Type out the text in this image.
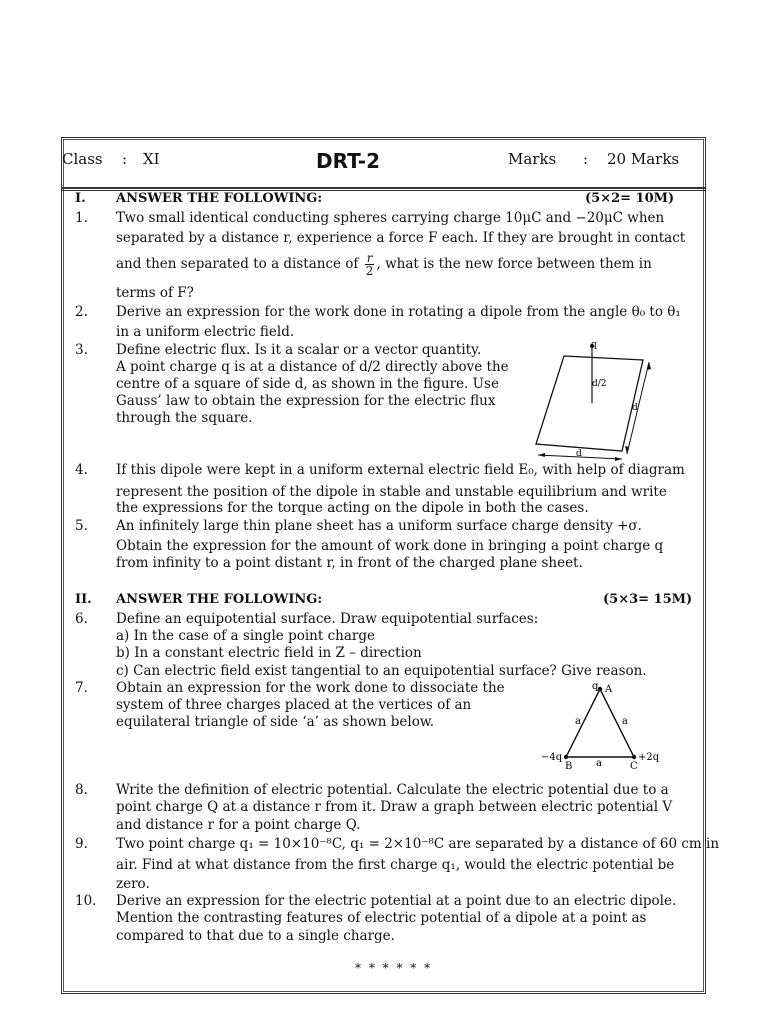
Class : XI	DRT-2	Marks : 20 Marks
I. ANSWER THE FOLLOWING:	(5×2= 10M)
1. Two small identical conducting spheres carrying charge 10μC and −20μC when
separated by a distance r, experience a force F each. If they are brought in contact
and then separated to a distance of $\frac{r}{2}$ , what is the new force between them in
terms of F?
2. Derive an expression for the work done in rotating a dipole from the angle θ₀ to θ₁
in a uniform electric field.
3. Define electric flux. Is it a scalar or a vector quantity.
A point charge q is at a distance of d/2 directly above the
centre of a square of side d, as shown in the figure. Use
Gauss’ law to obtain the expression for the electric flux
through the square.
q
d/2
d
d
4. If this dipole were kept in a uniform external electric field E₀, with help of diagram
represent the position of the dipole in stable and unstable equilibrium and write
the expressions for the torque acting on the dipole in both the cases.
5. An infinitely large thin plane sheet has a uniform surface charge density +σ.
Obtain the expression for the amount of work done in bringing a point charge q
from infinity to a point distant r, in front of the charged plane sheet.
II. ANSWER THE FOLLOWING:	(5×3= 15M)
6. Define an equipotential surface. Draw equipotential surfaces:
a) In the case of a single point charge
b) In a constant electric field in Z – direction
c) Can electric field exist tangential to an equipotential surface? Give reason.
7. Obtain an expression for the work done to dissociate the
system of three charges placed at the vertices of an
equilateral triangle of side ‘a’ as shown below.
q A
a	a
a
−4q
B
+2q
C
8. Write the definition of electric potential. Calculate the electric potential due to a
point charge Q at a distance r from it. Draw a graph between electric potential V
and distance r for a point charge Q.
9. Two point charge q₁ = 10×10⁻⁸C, q₁ = 2×10⁻⁸C are separated by a distance of 60 cm in
air. Find at what distance from the first charge q₁, would the electric potential be
zero.
10. Derive an expression for the electric potential at a point due to an electric dipole.
Mention the contrasting features of electric potential of a dipole at a point as
compared to that due to a single charge.
* * * * * *
